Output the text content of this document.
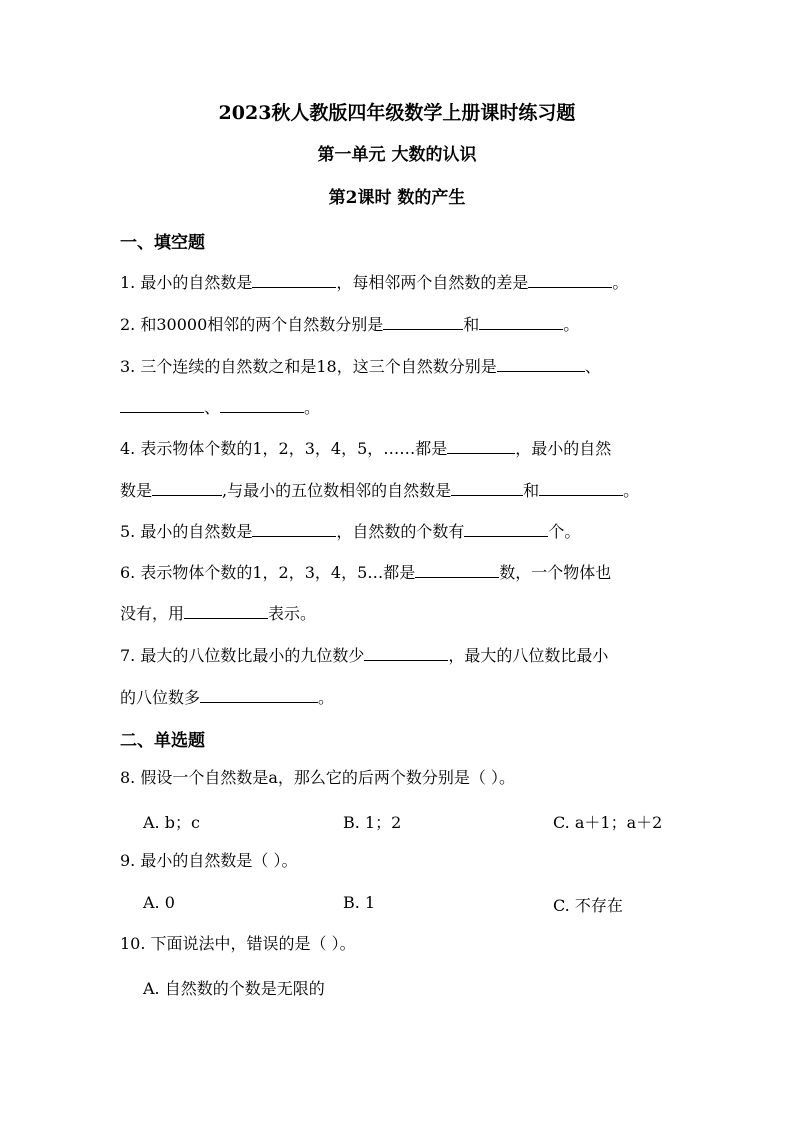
2023秋人教版四年级数学上册课时练习题
第一单元 大数的认识
第2课时 数的产生
一、填空题
1. 最小的自然数是	，每相邻两个自然数的差是	。
2. 和30000相邻的两个自然数分别是	和	。
3. 三个连续的自然数之和是18，这三个自然数分别是	、
、	。
4. 表示物体个数的1，2，3，4，5，……都是	，最小的自然
数是	,与最小的五位数相邻的自然数是	和	。
5. 最小的自然数是	，自然数的个数有	个。
6. 表示物体个数的1，2，3，4，5…都是	数，一个物体也
没有，用	表示。
7. 最大的八位数比最小的九位数少	，最大的八位数比最小
的八位数多	。
二、单选题
8. 假设一个自然数是a，那么它的后两个数分别是（ ）。
A. b；c	B. 1；2	C. a＋1；a＋2
9. 最小的自然数是（ ）。
A. 0	B. 1	C. 不存在
10. 下面说法中，错误的是（ ）。
A. 自然数的个数是无限的
